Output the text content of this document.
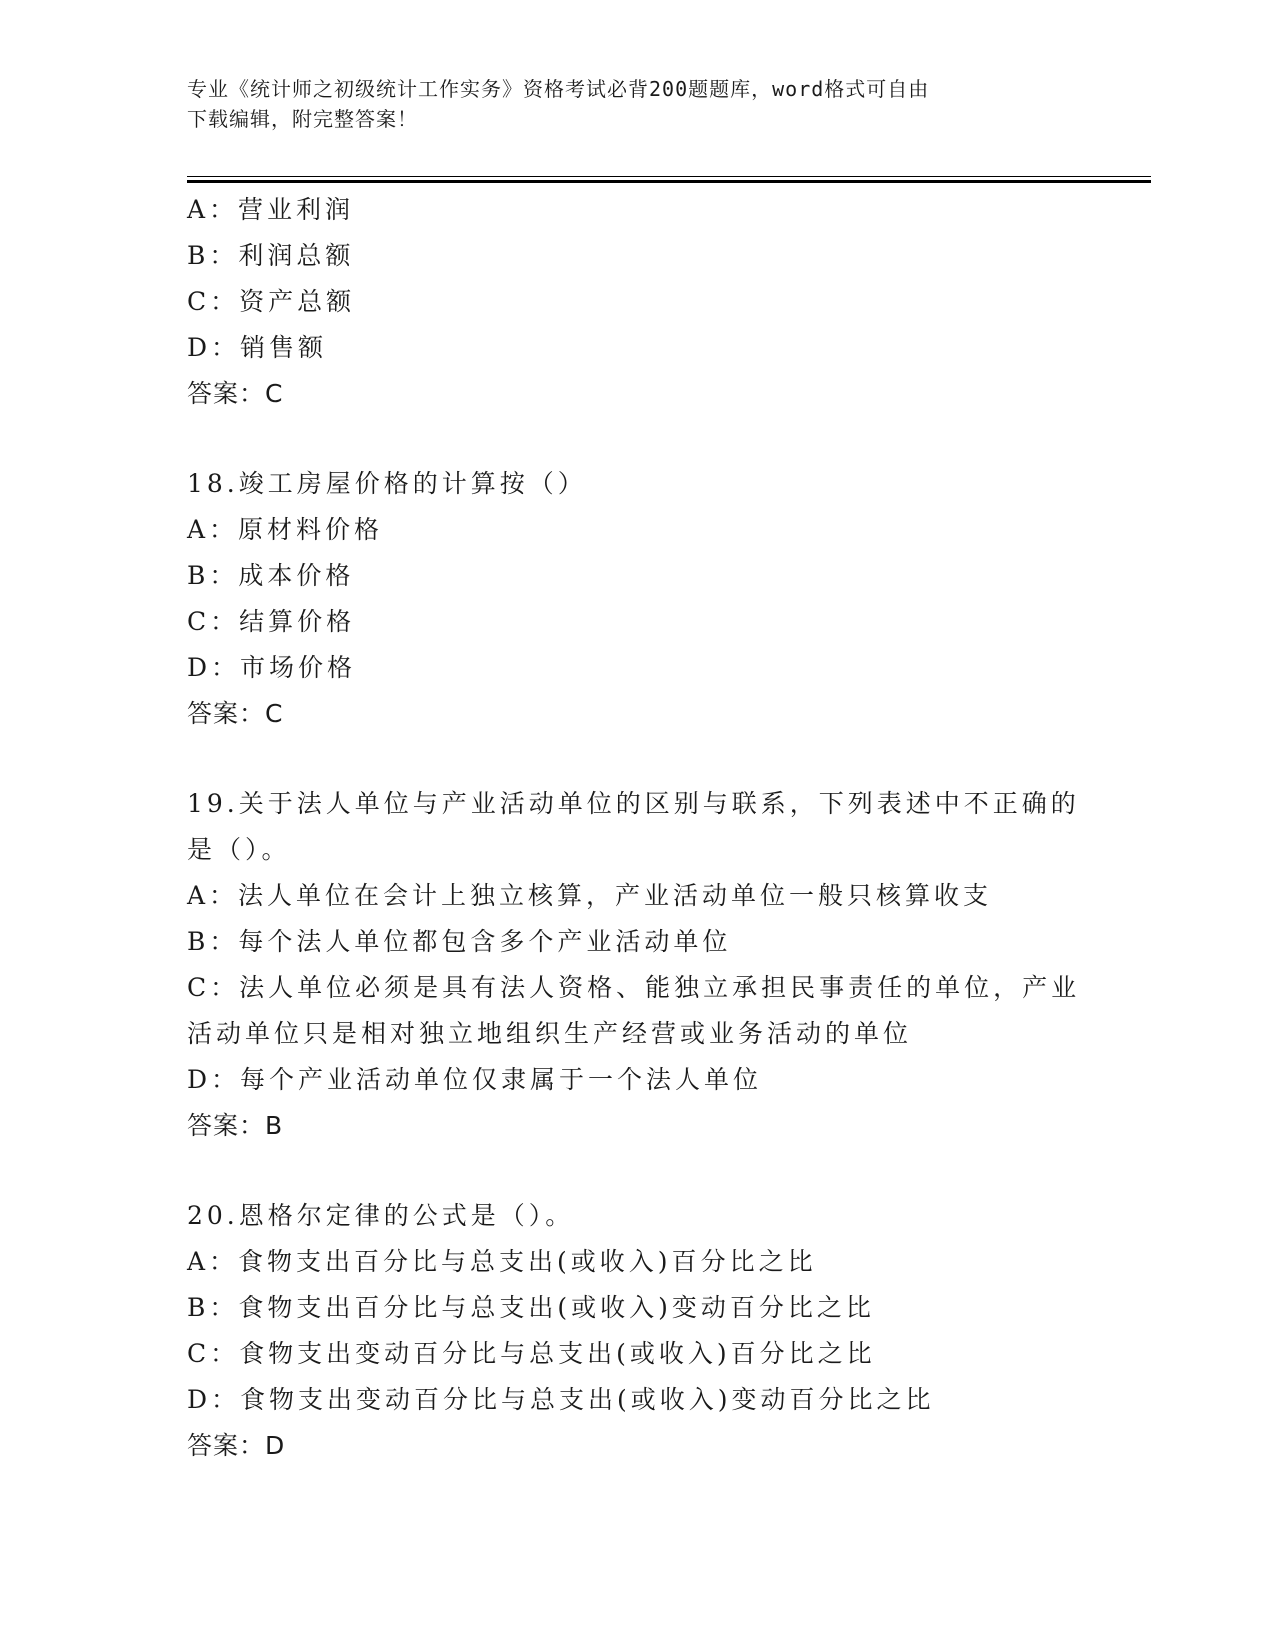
专业《统计师之初级统计工作实务》资格考试必背200题题库，word格式可自由
下载编辑，附完整答案！
A：营业利润
B：利润总额
C：资产总额
D：销售额
答案：C
18.竣工房屋价格的计算按（）
A：原材料价格
B：成本价格
C：结算价格
D：市场价格
答案：C
19.关于法人单位与产业活动单位的区别与联系，下列表述中不正确的
是（）。
A：法人单位在会计上独立核算，产业活动单位一般只核算收支
B：每个法人单位都包含多个产业活动单位
C：法人单位必须是具有法人资格、能独立承担民事责任的单位，产业
活动单位只是相对独立地组织生产经营或业务活动的单位
D：每个产业活动单位仅隶属于一个法人单位
答案：B
20.恩格尔定律的公式是（）。
A：食物支出百分比与总支出(或收入)百分比之比
B：食物支出百分比与总支出(或收入)变动百分比之比
C：食物支出变动百分比与总支出(或收入)百分比之比
D：食物支出变动百分比与总支出(或收入)变动百分比之比
答案：D
